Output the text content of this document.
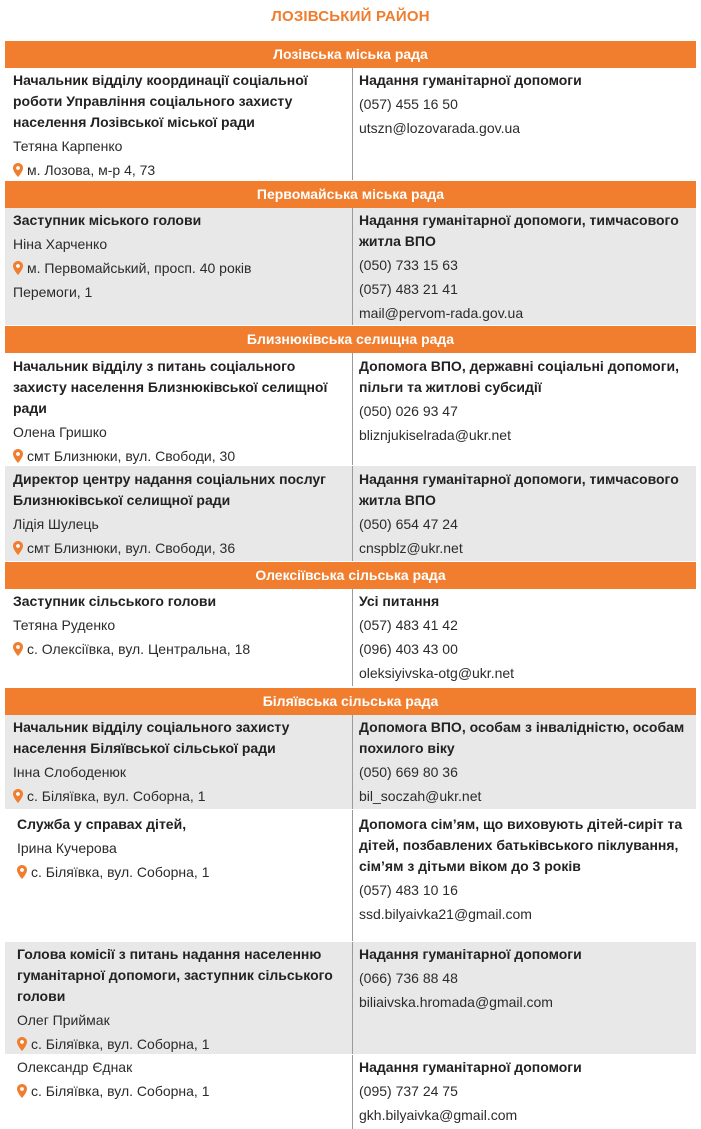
ЛОЗІВСЬКИЙ РАЙОН
Лозівська міська рада
Начальник відділу координації соціальної роботи Управління соціального захисту населення Лозівської міської ради
Тетяна Карпенко
м. Лозова, м-р 4, 73
Надання гуманітарної допомоги
(057) 455 16 50
utszn@lozovarada.gov.ua
Первомайська міська рада
Заступник міського голови
Ніна Харченко
м. Первомайський, просп. 40 років
Перемоги, 1
Надання гуманітарної допомоги, тимчасового житла ВПО
(050) 733 15 63
(057) 483 21 41
mail@pervom-rada.gov.ua
Близнюківська селищна рада
Начальник відділу з питань соціального захисту населення Близнюківської селищної ради
Олена Гришко
смт Близнюки, вул. Свободи, 30
Допомога ВПО, державні соціальні допомоги, пільги та житлові субсидії
(050) 026 93 47
bliznjukiselrada@ukr.net
Директор центру надання соціальних послуг Близнюківської селищної ради
Лідія Шулець
смт Близнюки, вул. Свободи, 36
Надання гуманітарної допомоги, тимчасового житла ВПО
(050) 654 47 24
cnspblz@ukr.net
Олексіївська сільська рада
Заступник сільського голови
Тетяна Руденко
с. Олексіївка, вул. Центральна, 18
Усі питання
(057) 483 41 42
(096) 403 43 00
oleksiyivska-otg@ukr.net
Біляївська сільська рада
Начальник відділу соціального захисту населення Біляївської сільської ради
Інна Слободенюк
с. Біляївка, вул. Соборна, 1
Допомога ВПО, особам з інвалідністю, особам похилого віку
(050) 669 80 36
bil_soczah@ukr.net
Служба у справах дітей,
Ірина Кучерова
с. Біляївка, вул. Соборна, 1
Допомога сім’ям, що виховують дітей-сиріт та дітей, позбавлених батьківського піклування, сім’ям з дітьми віком до 3 років
(057) 483 10 16
ssd.bilyaivka21@gmail.com
Голова комісії з питань надання населенню гуманітарної допомоги, заступник сільського голови
Олег Приймак
с. Біляївка, вул. Соборна, 1
Надання гуманітарної допомоги
(066) 736 88 48
biliaivska.hromada@gmail.com
Олександр Єднак
с. Біляївка, вул. Соборна, 1
Надання гуманітарної допомоги
(095) 737 24 75
gkh.bilyaivka@gmail.com
